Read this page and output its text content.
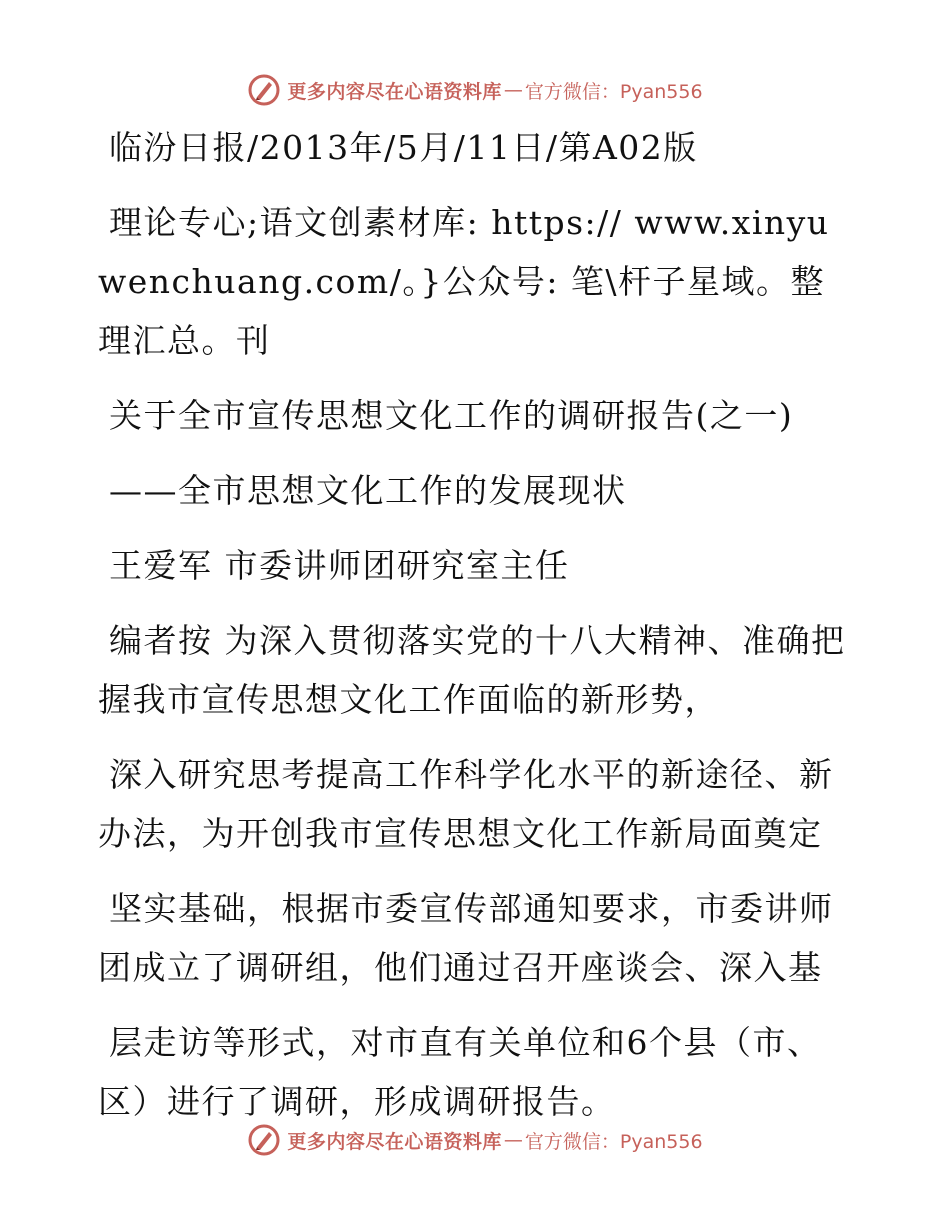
更多内容尽在心语资料库 — 官方微信：Pyan556

临汾日报/2013年/5月/11日/第A02版

理论专心;语文创素材库: https:// www.xinyuwenchuang.com/。}公众号: 笔\杆子星域。整理汇总。刊

关于全市宣传思想文化工作的调研报告(之一)

——全市思想文化工作的发展现状

王爱军 市委讲师团研究室主任

编者按 为深入贯彻落实党的十八大精神、准确把握我市宣传思想文化工作面临的新形势，

深入研究思考提高工作科学化水平的新途径、新办法，为开创我市宣传思想文化工作新局面奠定

坚实基础，根据市委宣传部通知要求，市委讲师团成立了调研组，他们通过召开座谈会、深入基

层走访等形式，对市直有关单位和6个县（市、区）进行了调研，形成调研报告。

更多内容尽在心语资料库 — 官方微信：Pyan556
